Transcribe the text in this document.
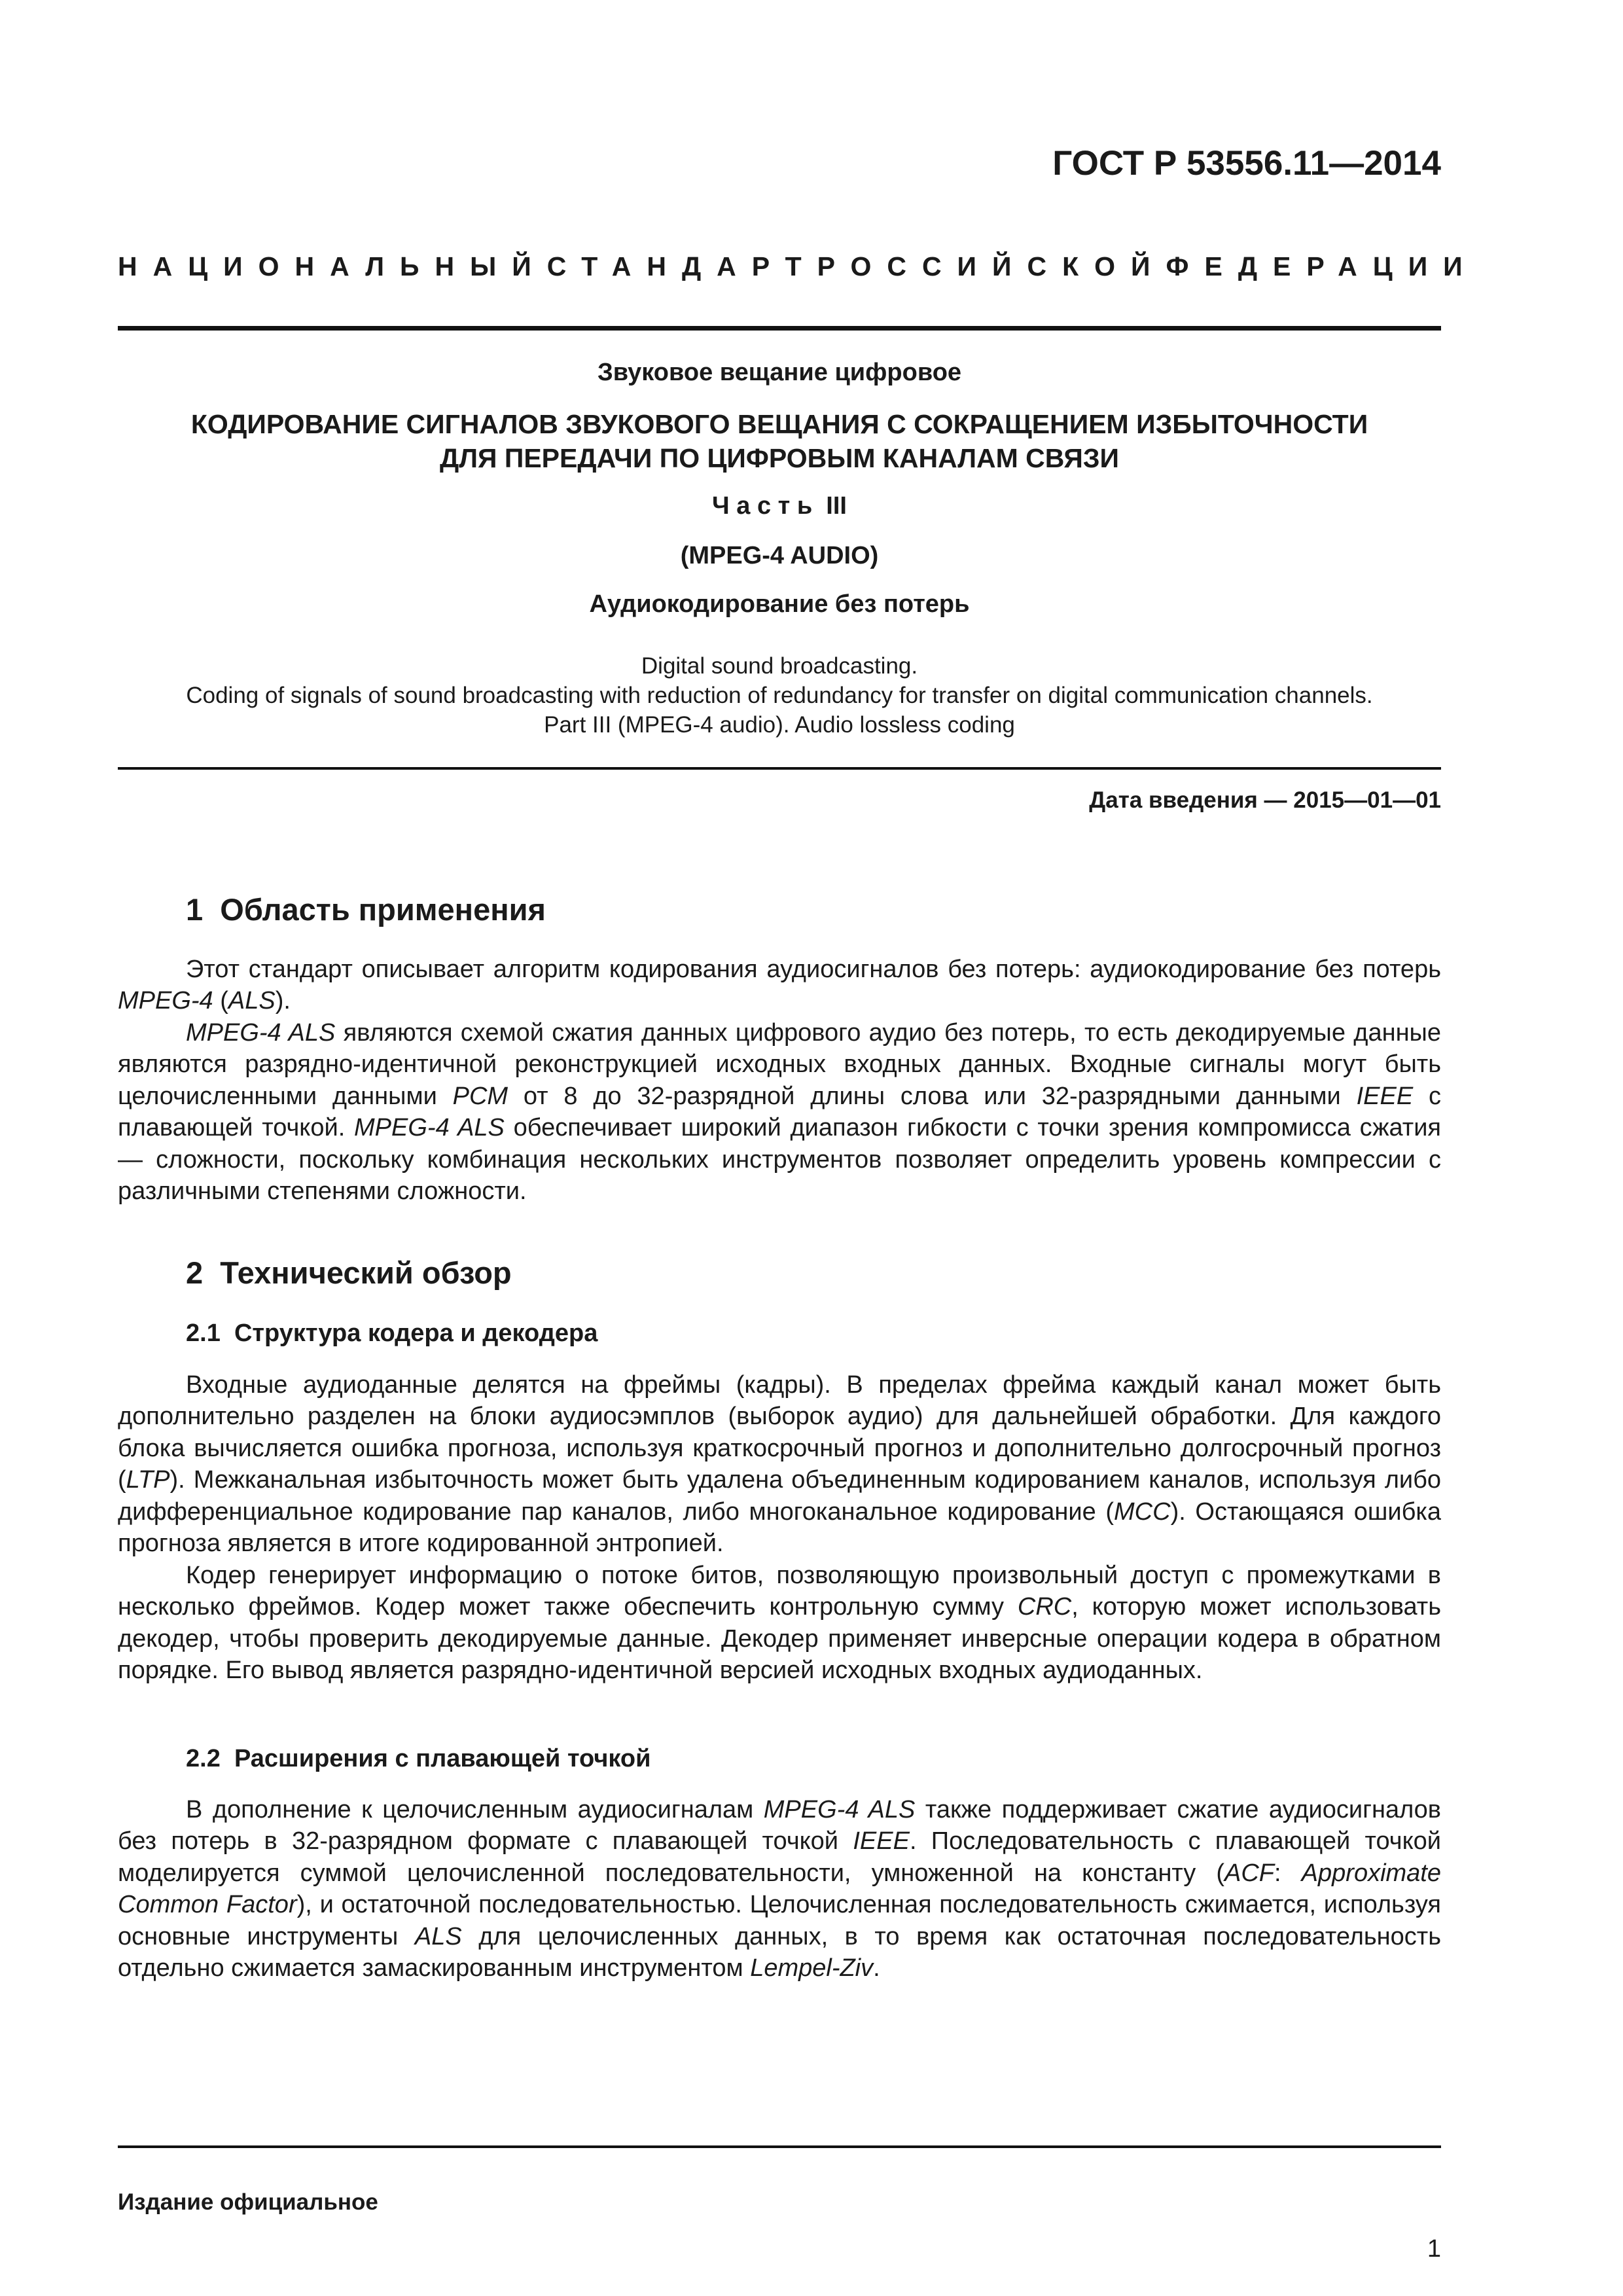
ГОСТ Р 53556.11—2014
НАЦИОНАЛЬНЫЙ СТАНДАРТ РОССИЙСКОЙ ФЕДЕРАЦИИ
Звуковое вещание цифровое
КОДИРОВАНИЕ СИГНАЛОВ ЗВУКОВОГО ВЕЩАНИЯ С СОКРАЩЕНИЕМ ИЗБЫТОЧНОСТИ
ДЛЯ ПЕРЕДАЧИ ПО ЦИФРОВЫМ КАНАЛАМ СВЯЗИ
Ч а с т ь  III
(MPEG-4 AUDIO)
Аудиокодирование без потерь
Digital sound broadcasting.
Coding of signals of sound broadcasting with reduction of redundancy for transfer on digital communication channels.
Part III (MPEG-4 audio). Audio lossless coding
Дата введения — 2015—01—01
1  Область применения

Этот стандарт описывает алгоритм кодирования аудиосигналов без потерь: аудиокодирование без потерь MPEG-4 (ALS).

MPEG-4 ALS являются схемой сжатия данных цифрового аудио без потерь, то есть декодируемые данные являются разрядно-идентичной реконструкцией исходных входных данных. Входные сигналы могут быть целочисленными данными PCM от 8 до 32-разрядной длины слова или 32-разрядными данными IEEE с плавающей точкой. MPEG-4 ALS обеспечивает широкий диапазон гибкости с точки зрения компромисса сжатия — сложности, поскольку комбинация нескольких инструментов позволяет определить уровень компрессии с различными степенями сложности.

2  Технический обзор
2.1  Структура кодера и декодера

Входные аудиоданные делятся на фреймы (кадры). В пределах фрейма каждый канал может быть дополнительно разделен на блоки аудиосэмплов (выборок аудио) для дальнейшей обработки. Для каждого блока вычисляется ошибка прогноза, используя краткосрочный прогноз и дополнительно долгосрочный прогноз (LTP). Межканальная избыточность может быть удалена объединенным кодированием каналов, используя либо дифференциальное кодирование пар каналов, либо многоканальное кодирование (MCC). Остающаяся ошибка прогноза является в итоге кодированной энтропией.

Кодер генерирует информацию о потоке битов, позволяющую произвольный доступ с промежутками в несколько фреймов. Кодер может также обеспечить контрольную сумму CRC, которую может использовать декодер, чтобы проверить декодируемые данные. Декодер применяет инверсные операции кодера в обратном порядке. Его вывод является разрядно-идентичной версией исходных входных аудиоданных.

2.2  Расширения с плавающей точкой

В дополнение к целочисленным аудиосигналам MPEG-4 ALS также поддерживает сжатие аудиосигналов без потерь в 32-разрядном формате с плавающей точкой IEEE. Последовательность с плавающей точкой моделируется суммой целочисленной последовательности, умноженной на константу (ACF: Approximate Common Factor), и остаточной последовательностью. Целочисленная последовательность сжимается, используя основные инструменты ALS для целочисленных данных, в то время как остаточная последовательность отдельно сжимается замаскированным инструментом Lempel-Ziv.

Издание официальное
1
